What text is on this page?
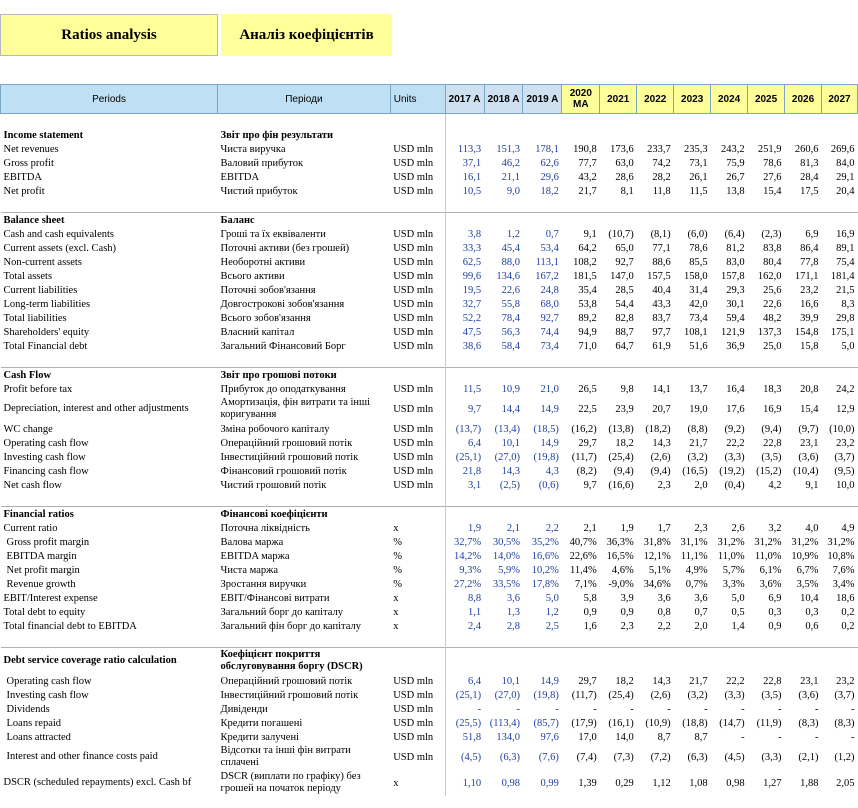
Ratios analysis	Аналіз коефіцієнтів
Periods	Періоди	Units	2017 A	2018 A	2019 A	2020 MA	2021	2022	2023	2024	2025	2026	2027

Income statement	Звіт про фін результати												
Net revenues	Чиста виручка	USD mln	113,3	151,3	178,1	190,8	173,6	233,7	235,3	243,2	251,9	260,6	269,6
Gross profit	Валовий прибуток	USD mln	37,1	46,2	62,6	77,7	63,0	74,2	73,1	75,9	78,6	81,3	84,0
EBITDA	EBITDA	USD mln	16,1	21,1	29,6	43,2	28,6	28,2	26,1	26,7	27,6	28,4	29,1
Net profit	Чистий прибуток	USD mln	10,5	9,0	18,2	21,7	8,1	11,8	11,5	13,8	15,4	17,5	20,4

Balance sheet	Баланс												
Cash and cash equivalents	Гроші та їх еквіваленти	USD mln	3,8	1,2	0,7	9,1	(10,7)	(8,1)	(6,0)	(6,4)	(2,3)	6,9	16,9
Current assets (excl. Cash)	Поточні активи (без грошей)	USD mln	33,3	45,4	53,4	64,2	65,0	77,1	78,6	81,2	83,8	86,4	89,1
Non-current assets	Необоротні активи	USD mln	62,5	88,0	113,1	108,2	92,7	88,6	85,5	83,0	80,4	77,8	75,4
Total assets	Всього активи	USD mln	99,6	134,6	167,2	181,5	147,0	157,5	158,0	157,8	162,0	171,1	181,4
Current liabilities	Поточні зобов'язання	USD mln	19,5	22,6	24,8	35,4	28,5	40,4	31,4	29,3	25,6	23,2	21,5
Long-term liabilities	Довгострокові зобов'язання	USD mln	32,7	55,8	68,0	53,8	54,4	43,3	42,0	30,1	22,6	16,6	8,3
Total liabilities	Всього зобов'язання	USD mln	52,2	78,4	92,7	89,2	82,8	83,7	73,4	59,4	48,2	39,9	29,8
Shareholders' equity	Власний капітал	USD mln	47,5	56,3	74,4	94,9	88,7	97,7	108,1	121,9	137,3	154,8	175,1
Total Financial debt	Загальний Фінансовий Борг	USD mln	38,6	58,4	73,4	71,0	64,7	61,9	51,6	36,9	25,0	15,8	5,0

Cash Flow	Звіт про грошові потоки												
Profit before tax	Прибуток до оподаткування	USD mln	11,5	10,9	21,0	26,5	9,8	14,1	13,7	16,4	18,3	20,8	24,2
Depreciation, interest and other adjustments	Амортизація, фін витрати та інші коригування	USD mln	9,7	14,4	14,9	22,5	23,9	20,7	19,0	17,6	16,9	15,4	12,9
WC change	Зміна робочого капіталу	USD mln	(13,7)	(13,4)	(18,5)	(16,2)	(13,8)	(18,2)	(8,8)	(9,2)	(9,4)	(9,7)	(10,0)
Operating cash flow	Операційний грошовий потік	USD mln	6,4	10,1	14,9	29,7	18,2	14,3	21,7	22,2	22,8	23,1	23,2
Investing cash flow	Інвестиційний грошовий потік	USD mln	(25,1)	(27,0)	(19,8)	(11,7)	(25,4)	(2,6)	(3,2)	(3,3)	(3,5)	(3,6)	(3,7)
Financing cash flow	Фінансовий грошовий потік	USD mln	21,8	14,3	4,3	(8,2)	(9,4)	(9,4)	(16,5)	(19,2)	(15,2)	(10,4)	(9,5)
Net cash flow	Чистий грошовий потік	USD mln	3,1	(2,5)	(0,6)	9,7	(16,6)	2,3	2,0	(0,4)	4,2	9,1	10,0

Financial ratios	Фінансові коефіцієнти												
Current ratio	Поточна ліквідність	x	1,9	2,1	2,2	2,1	1,9	1,7	2,3	2,6	3,2	4,0	4,9
Gross profit margin	Валова маржа	%	32,7%	30,5%	35,2%	40,7%	36,3%	31,8%	31,1%	31,2%	31,2%	31,2%	31,2%
EBITDA margin	EBITDA маржа	%	14,2%	14,0%	16,6%	22,6%	16,5%	12,1%	11,1%	11,0%	11,0%	10,9%	10,8%
Net profit margin	Чиста маржа	%	9,3%	5,9%	10,2%	11,4%	4,6%	5,1%	4,9%	5,7%	6,1%	6,7%	7,6%
Revenue growth	Зростання виручки	%	27,2%	33,5%	17,8%	7,1%	-9,0%	34,6%	0,7%	3,3%	3,6%	3,5%	3,4%
EBIT/Interest expense	EBIT/Фінансові витрати	x	8,8	3,6	5,0	5,8	3,9	3,6	3,6	5,0	6,9	10,4	18,6
Total debt to equity	Загальний борг до капіталу	x	1,1	1,3	1,2	0,9	0,9	0,8	0,7	0,5	0,3	0,3	0,2
Total financial debt to EBITDA	Загальний фін борг до капіталу	x	2,4	2,8	2,5	1,6	2,3	2,2	2,0	1,4	0,9	0,6	0,2

Debt service coverage ratio calculation	Коефіцієнт покриття обслуговування боргу (DSCR)												
Operating cash flow	Операційний грошовий потік	USD mln	6,4	10,1	14,9	29,7	18,2	14,3	21,7	22,2	22,8	23,1	23,2
Investing cash flow	Інвестиційний грошовий потік	USD mln	(25,1)	(27,0)	(19,8)	(11,7)	(25,4)	(2,6)	(3,2)	(3,3)	(3,5)	(3,6)	(3,7)
Dividends	Дивіденди	USD mln	-	-	-	-	-	-	-	-	-	-	-
Loans repaid	Кредити погашені	USD mln	(25,5)	(113,4)	(85,7)	(17,9)	(16,1)	(10,9)	(18,8)	(14,7)	(11,9)	(8,3)	(8,3)
Loans attracted	Кредити залучені	USD mln	51,8	134,0	97,6	17,0	14,0	8,7	8,7	-	-	-	-
Interest and other finance costs paid	Відсотки та інші фін витрати сплачені	USD mln	(4,5)	(6,3)	(7,6)	(7,4)	(7,3)	(7,2)	(6,3)	(4,5)	(3,3)	(2,1)	(1,2)
DSCR (scheduled repayments) excl. Cash bf	DSCR (виплати по графіку) без грошей на початок періоду	x	1,10	0,98	0,99	1,39	0,29	1,12	1,08	0,98	1,27	1,88	2,05
